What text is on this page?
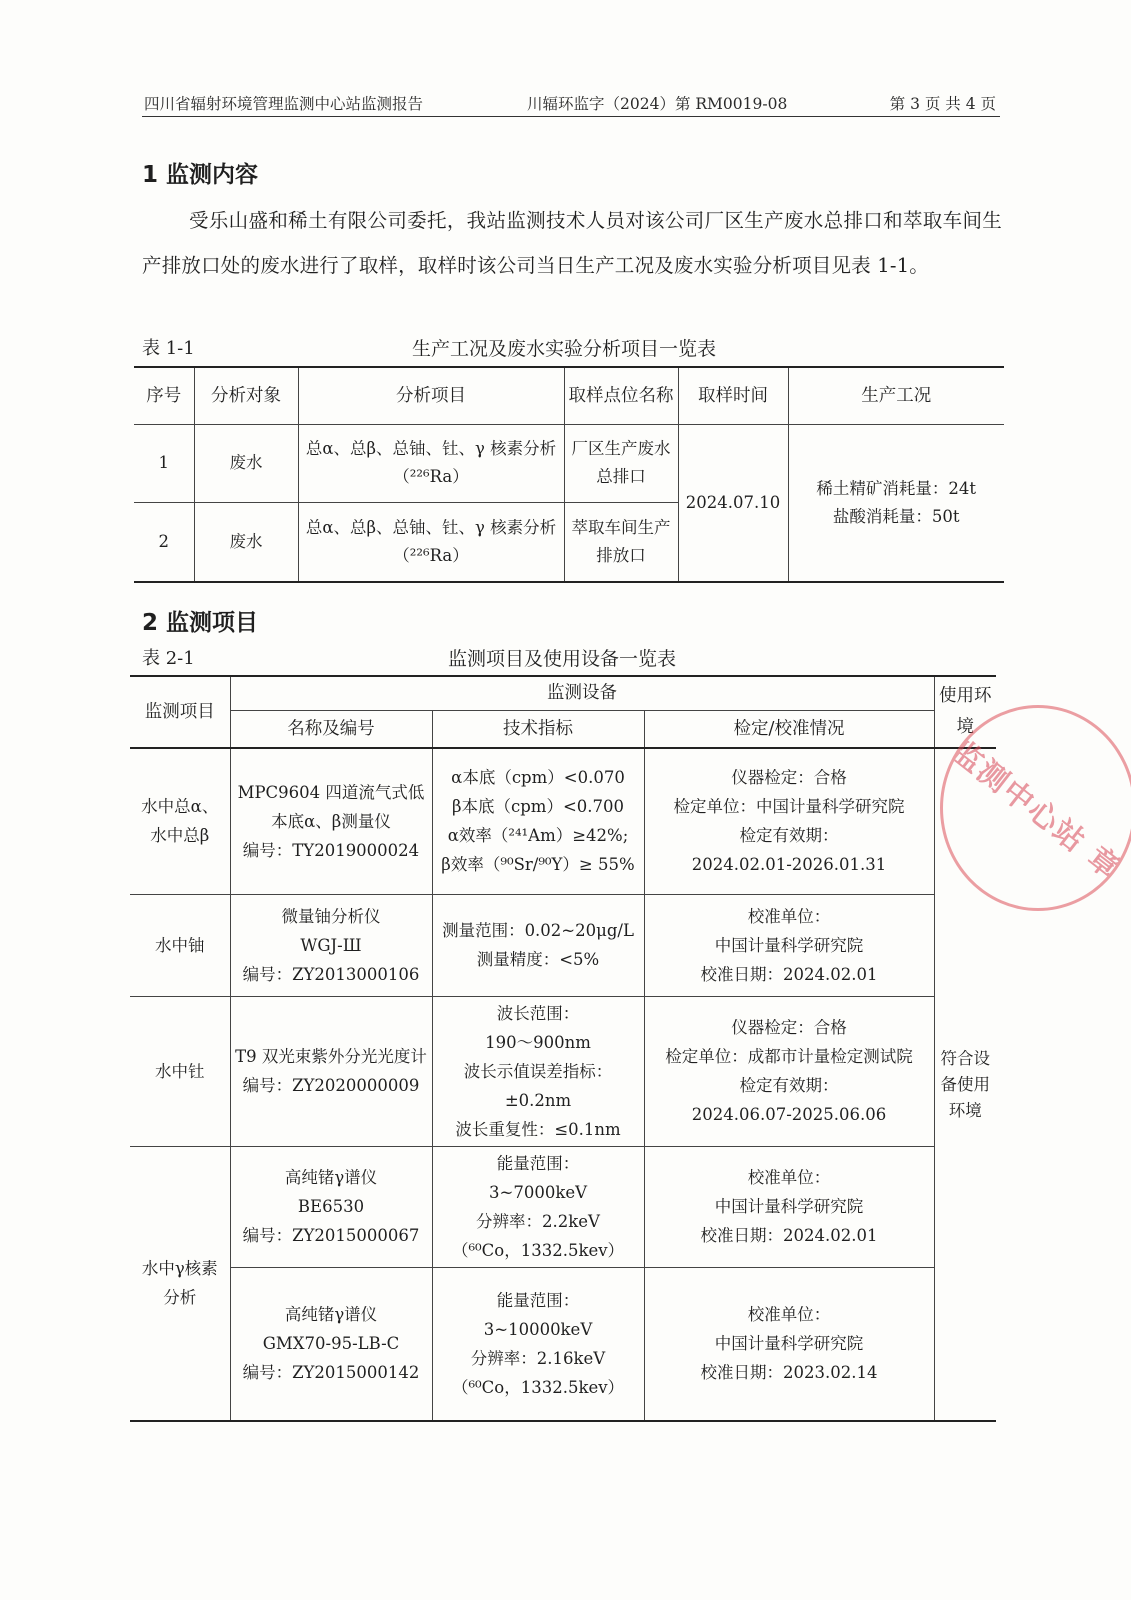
四川省辐射环境管理监测中心站监测报告	川辐环监字（2024）第 RM0019-08	第 3 页 共 4 页
1 监测内容

受乐山盛和稀土有限公司委托，我站监测技术人员对该公司厂区生产废水总排口和萃取车间生产排放口处的废水进行了取样，取样时该公司当日生产工况及废水实验分析项目见表 1-1。

表 1-1	生产工况及废水实验分析项目一览表
序号	分析对象	分析项目	取样点位名称	取样时间	生产工况
1	废水	总α、总β、总铀、钍、γ 核素分析（²²⁶Ra）	厂区生产废水总排口	2024.07.10	稀土精矿消耗量：24t
盐酸消耗量：50t

2	废水	总α、总β、总铀、钍、γ 核素分析（²²⁶Ra）	萃取车间生产排放口		
2 监测项目
表 2-1	监测项目及使用设备一览表
监测项目	监测设备			使用环境
	名称及编号	技术指标	检定/校准情况	
水中总α、水中总β	MPC9604 四道流气式低本底α、β测量仪
编号：TY2019000024	α本底（cpm）<0.070
β本底（cpm）<0.700
α效率（²⁴¹Am）≥42%;
β效率（⁹⁰Sr/⁹⁰Y）≥ 55%	仪器检定：合格
检定单位：中国计量科学研究院
检定有效期：
2024.02.01-2026.01.31	符合设备使用环境
水中铀	微量铀分析仪
WGJ-Ш
编号：ZY2013000106	测量范围：0.02~20μg/L
测量精度：<5%	校准单位：
中国计量科学研究院
校准日期：2024.02.01	
水中钍	T9 双光束紫外分光光度计
编号：ZY2020000009	波长范围：
190～900nm
波长示值误差指标：
±0.2nm
波长重复性：≤0.1nm	仪器检定：合格
检定单位：成都市计量检定测试院
检定有效期：
2024.06.07-2025.06.06	
水中γ核素分析	高纯锗γ谱仪
BE6530
编号：ZY2015000067	能量范围：
3~7000keV
分辨率：2.2keV
（⁶⁰Co，1332.5kev）	校准单位：
中国计量科学研究院
校准日期：2024.02.01	
	高纯锗γ谱仪
GMX70-95-LB-C
编号：ZY2015000142	能量范围：
3~10000keV
分辨率：2.16keV
（⁶⁰Co，1332.5kev）	校准单位：
中国计量科学研究院
校准日期：2023.02.14	
监测中心站 章
